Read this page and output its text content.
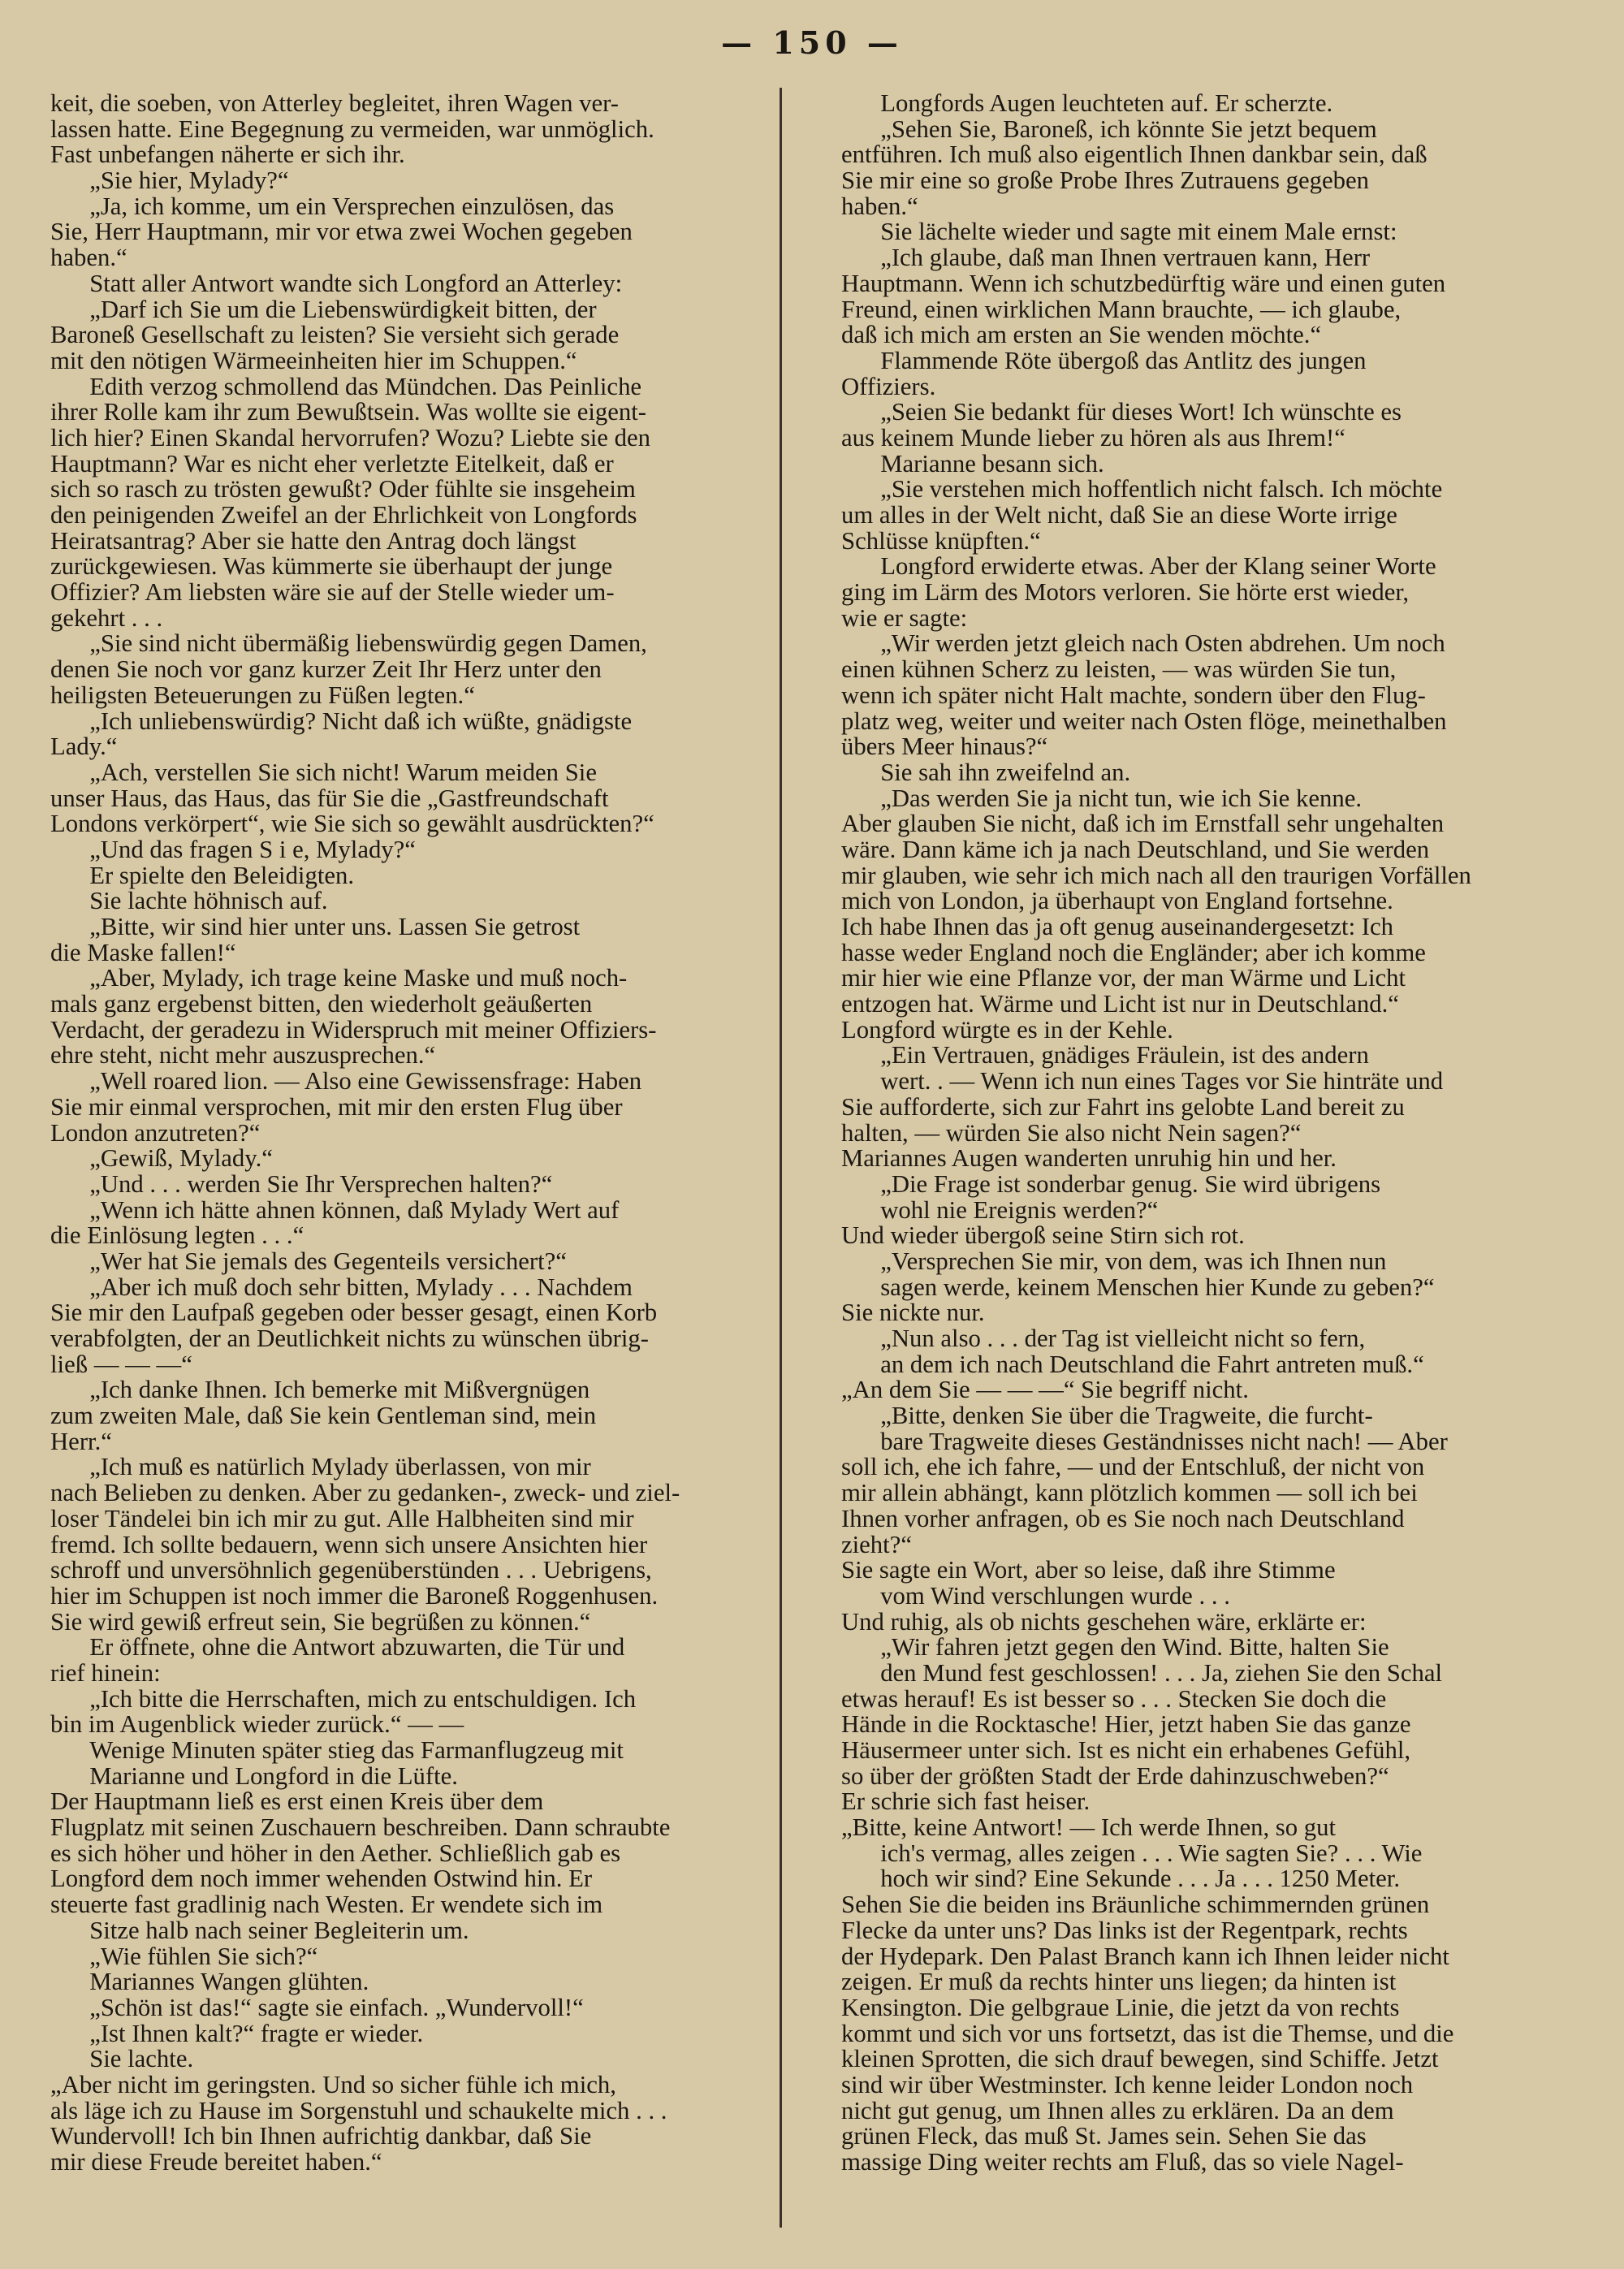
— 150 —
keit, die soeben, von Atterley begleitet, ihren Wagen ver-
lassen hatte. Eine Begegnung zu vermeiden, war unmöglich.
Fast unbefangen näherte er sich ihr.
„Sie hier, Mylady?“
„Ja, ich komme, um ein Versprechen einzulösen, das
Sie, Herr Hauptmann, mir vor etwa zwei Wochen gegeben
haben.“
Statt aller Antwort wandte sich Longford an Atterley:
„Darf ich Sie um die Liebenswürdigkeit bitten, der
Baroneß Gesellschaft zu leisten? Sie versieht sich gerade
mit den nötigen Wärmeeinheiten hier im Schuppen.“
Edith verzog schmollend das Mündchen. Das Peinliche
ihrer Rolle kam ihr zum Bewußtsein. Was wollte sie eigent-
lich hier? Einen Skandal hervorrufen? Wozu? Liebte sie den
Hauptmann? War es nicht eher verletzte Eitelkeit, daß er
sich so rasch zu trösten gewußt? Oder fühlte sie insgeheim
den peinigenden Zweifel an der Ehrlichkeit von Longfords
Heiratsantrag? Aber sie hatte den Antrag doch längst
zurückgewiesen. Was kümmerte sie überhaupt der junge
Offizier? Am liebsten wäre sie auf der Stelle wieder um-
gekehrt . . .
„Sie sind nicht übermäßig liebenswürdig gegen Damen,
denen Sie noch vor ganz kurzer Zeit Ihr Herz unter den
heiligsten Beteuerungen zu Füßen legten.“
„Ich unliebenswürdig? Nicht daß ich wüßte, gnädigste
Lady.“
„Ach, verstellen Sie sich nicht! Warum meiden Sie
unser Haus, das Haus, das für Sie die „Gastfreundschaft
Londons verkörpert“, wie Sie sich so gewählt ausdrückten?“
„Und das fragen S i e, Mylady?“
Er spielte den Beleidigten.
Sie lachte höhnisch auf.
„Bitte, wir sind hier unter uns. Lassen Sie getrost
die Maske fallen!“
„Aber, Mylady, ich trage keine Maske und muß noch-
mals ganz ergebenst bitten, den wiederholt geäußerten
Verdacht, der geradezu in Widerspruch mit meiner Offiziers-
ehre steht, nicht mehr auszusprechen.“
„Well roared lion. — Also eine Gewissensfrage: Haben
Sie mir einmal versprochen, mit mir den ersten Flug über
London anzutreten?“
„Gewiß, Mylady.“
„Und . . . werden Sie Ihr Versprechen halten?“
„Wenn ich hätte ahnen können, daß Mylady Wert auf
die Einlösung legten . . .“
„Wer hat Sie jemals des Gegenteils versichert?“
„Aber ich muß doch sehr bitten, Mylady . . . Nachdem
Sie mir den Laufpaß gegeben oder besser gesagt, einen Korb
verabfolgten, der an Deutlichkeit nichts zu wünschen übrig-
ließ — — —“
„Ich danke Ihnen. Ich bemerke mit Mißvergnügen
zum zweiten Male, daß Sie kein Gentleman sind, mein
Herr.“
„Ich muß es natürlich Mylady überlassen, von mir
nach Belieben zu denken. Aber zu gedanken-, zweck- und ziel-
loser Tändelei bin ich mir zu gut. Alle Halbheiten sind mir
fremd. Ich sollte bedauern, wenn sich unsere Ansichten hier
schroff und unversöhnlich gegenüberstünden . . . Uebrigens,
hier im Schuppen ist noch immer die Baroneß Roggenhusen.
Sie wird gewiß erfreut sein, Sie begrüßen zu können.“
Er öffnete, ohne die Antwort abzuwarten, die Tür und
rief hinein:
„Ich bitte die Herrschaften, mich zu entschuldigen. Ich
bin im Augenblick wieder zurück.“ — —
Wenige Minuten später stieg das Farmanflugzeug mit
Marianne und Longford in die Lüfte.
Der Hauptmann ließ es erst einen Kreis über dem
Flugplatz mit seinen Zuschauern beschreiben. Dann schraubte
es sich höher und höher in den Aether. Schließlich gab es
Longford dem noch immer wehenden Ostwind hin. Er
steuerte fast gradlinig nach Westen. Er wendete sich im
Sitze halb nach seiner Begleiterin um.
„Wie fühlen Sie sich?“
Mariannes Wangen glühten.
„Schön ist das!“ sagte sie einfach. „Wundervoll!“
„Ist Ihnen kalt?“ fragte er wieder.
Sie lachte.
„Aber nicht im geringsten. Und so sicher fühle ich mich,
als läge ich zu Hause im Sorgenstuhl und schaukelte mich . . .
Wundervoll! Ich bin Ihnen aufrichtig dankbar, daß Sie
mir diese Freude bereitet haben.“
Longfords Augen leuchteten auf. Er scherzte.
„Sehen Sie, Baroneß, ich könnte Sie jetzt bequem
entführen. Ich muß also eigentlich Ihnen dankbar sein, daß
Sie mir eine so große Probe Ihres Zutrauens gegeben
haben.“
Sie lächelte wieder und sagte mit einem Male ernst:
„Ich glaube, daß man Ihnen vertrauen kann, Herr
Hauptmann. Wenn ich schutzbedürftig wäre und einen guten
Freund, einen wirklichen Mann brauchte, — ich glaube,
daß ich mich am ersten an Sie wenden möchte.“
Flammende Röte übergoß das Antlitz des jungen
Offiziers.
„Seien Sie bedankt für dieses Wort! Ich wünschte es
aus keinem Munde lieber zu hören als aus Ihrem!“
Marianne besann sich.
„Sie verstehen mich hoffentlich nicht falsch. Ich möchte
um alles in der Welt nicht, daß Sie an diese Worte irrige
Schlüsse knüpften.“
Longford erwiderte etwas. Aber der Klang seiner Worte
ging im Lärm des Motors verloren. Sie hörte erst wieder,
wie er sagte:
„Wir werden jetzt gleich nach Osten abdrehen. Um noch
einen kühnen Scherz zu leisten, — was würden Sie tun,
wenn ich später nicht Halt machte, sondern über den Flug-
platz weg, weiter und weiter nach Osten flöge, meinethalben
übers Meer hinaus?“
Sie sah ihn zweifelnd an.
„Das werden Sie ja nicht tun, wie ich Sie kenne.
Aber glauben Sie nicht, daß ich im Ernstfall sehr ungehalten
wäre. Dann käme ich ja nach Deutschland, und Sie werden
mir glauben, wie sehr ich mich nach all den traurigen Vorfällen
mich von London, ja überhaupt von England fortsehne.
Ich habe Ihnen das ja oft genug auseinandergesetzt: Ich
hasse weder England noch die Engländer; aber ich komme
mir hier wie eine Pflanze vor, der man Wärme und Licht
entzogen hat. Wärme und Licht ist nur in Deutschland.“
Longford würgte es in der Kehle.
„Ein Vertrauen, gnädiges Fräulein, ist des andern
wert. . — Wenn ich nun eines Tages vor Sie hinträte und
Sie aufforderte, sich zur Fahrt ins gelobte Land bereit zu
halten, — würden Sie also nicht Nein sagen?“
Mariannes Augen wanderten unruhig hin und her.
„Die Frage ist sonderbar genug. Sie wird übrigens
wohl nie Ereignis werden?“
Und wieder übergoß seine Stirn sich rot.
„Versprechen Sie mir, von dem, was ich Ihnen nun
sagen werde, keinem Menschen hier Kunde zu geben?“
Sie nickte nur.
„Nun also . . . der Tag ist vielleicht nicht so fern,
an dem ich nach Deutschland die Fahrt antreten muß.“
„An dem Sie — — —“ Sie begriff nicht.
„Bitte, denken Sie über die Tragweite, die furcht-
bare Tragweite dieses Geständnisses nicht nach! — Aber
soll ich, ehe ich fahre, — und der Entschluß, der nicht von
mir allein abhängt, kann plötzlich kommen — soll ich bei
Ihnen vorher anfragen, ob es Sie noch nach Deutschland
zieht?“
Sie sagte ein Wort, aber so leise, daß ihre Stimme
vom Wind verschlungen wurde . . .
Und ruhig, als ob nichts geschehen wäre, erklärte er:
„Wir fahren jetzt gegen den Wind. Bitte, halten Sie
den Mund fest geschlossen! . . . Ja, ziehen Sie den Schal
etwas herauf! Es ist besser so . . . Stecken Sie doch die
Hände in die Rocktasche! Hier, jetzt haben Sie das ganze
Häusermeer unter sich. Ist es nicht ein erhabenes Gefühl,
so über der größten Stadt der Erde dahinzuschweben?“
Er schrie sich fast heiser.
„Bitte, keine Antwort! — Ich werde Ihnen, so gut
ich's vermag, alles zeigen . . . Wie sagten Sie? . . . Wie
hoch wir sind? Eine Sekunde . . . Ja . . . 1250 Meter.
Sehen Sie die beiden ins Bräunliche schimmernden grünen
Flecke da unter uns? Das links ist der Regentpark, rechts
der Hydepark. Den Palast Branch kann ich Ihnen leider nicht
zeigen. Er muß da rechts hinter uns liegen; da hinten ist
Kensington. Die gelbgraue Linie, die jetzt da von rechts
kommt und sich vor uns fortsetzt, das ist die Themse, und die
kleinen Sprotten, die sich drauf bewegen, sind Schiffe. Jetzt
sind wir über Westminster. Ich kenne leider London noch
nicht gut genug, um Ihnen alles zu erklären. Da an dem
grünen Fleck, das muß St. James sein. Sehen Sie das
massige Ding weiter rechts am Fluß, das so viele Nagel-
